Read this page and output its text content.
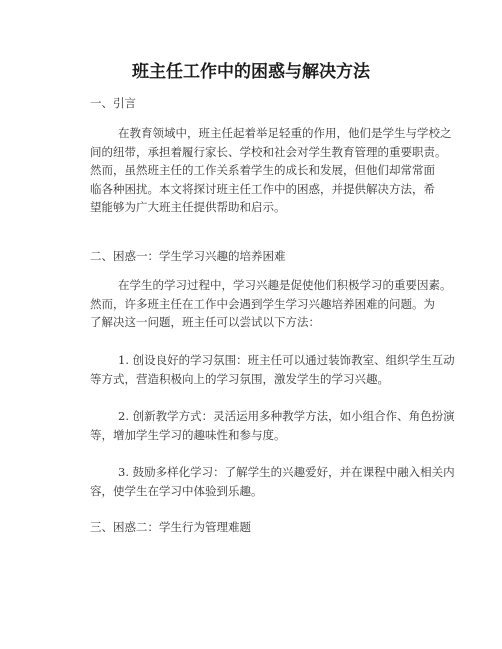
班主任工作中的困惑与解决方法
一、引言
在教育领域中，班主任起着举足轻重的作用，他们是学生与学校之
间的纽带，承担着履行家长、学校和社会对学生教育管理的重要职责。
然而，虽然班主任的工作关系着学生的成长和发展，但他们却常常面
临各种困扰。本文将探讨班主任工作中的困惑，并提供解决方法，希
望能够为广大班主任提供帮助和启示。
二、困惑一：学生学习兴趣的培养困难
在学生的学习过程中，学习兴趣是促使他们积极学习的重要因素。
然而，许多班主任在工作中会遇到学生学习兴趣培养困难的问题。为
了解决这一问题，班主任可以尝试以下方法：
1. 创设良好的学习氛围：班主任可以通过装饰教室、组织学生互动
等方式，营造积极向上的学习氛围，激发学生的学习兴趣。
2. 创新教学方式：灵活运用多种教学方法，如小组合作、角色扮演
等，增加学生学习的趣味性和参与度。
3. 鼓励多样化学习：了解学生的兴趣爱好，并在课程中融入相关内
容，使学生在学习中体验到乐趣。
三、困惑二：学生行为管理难题
